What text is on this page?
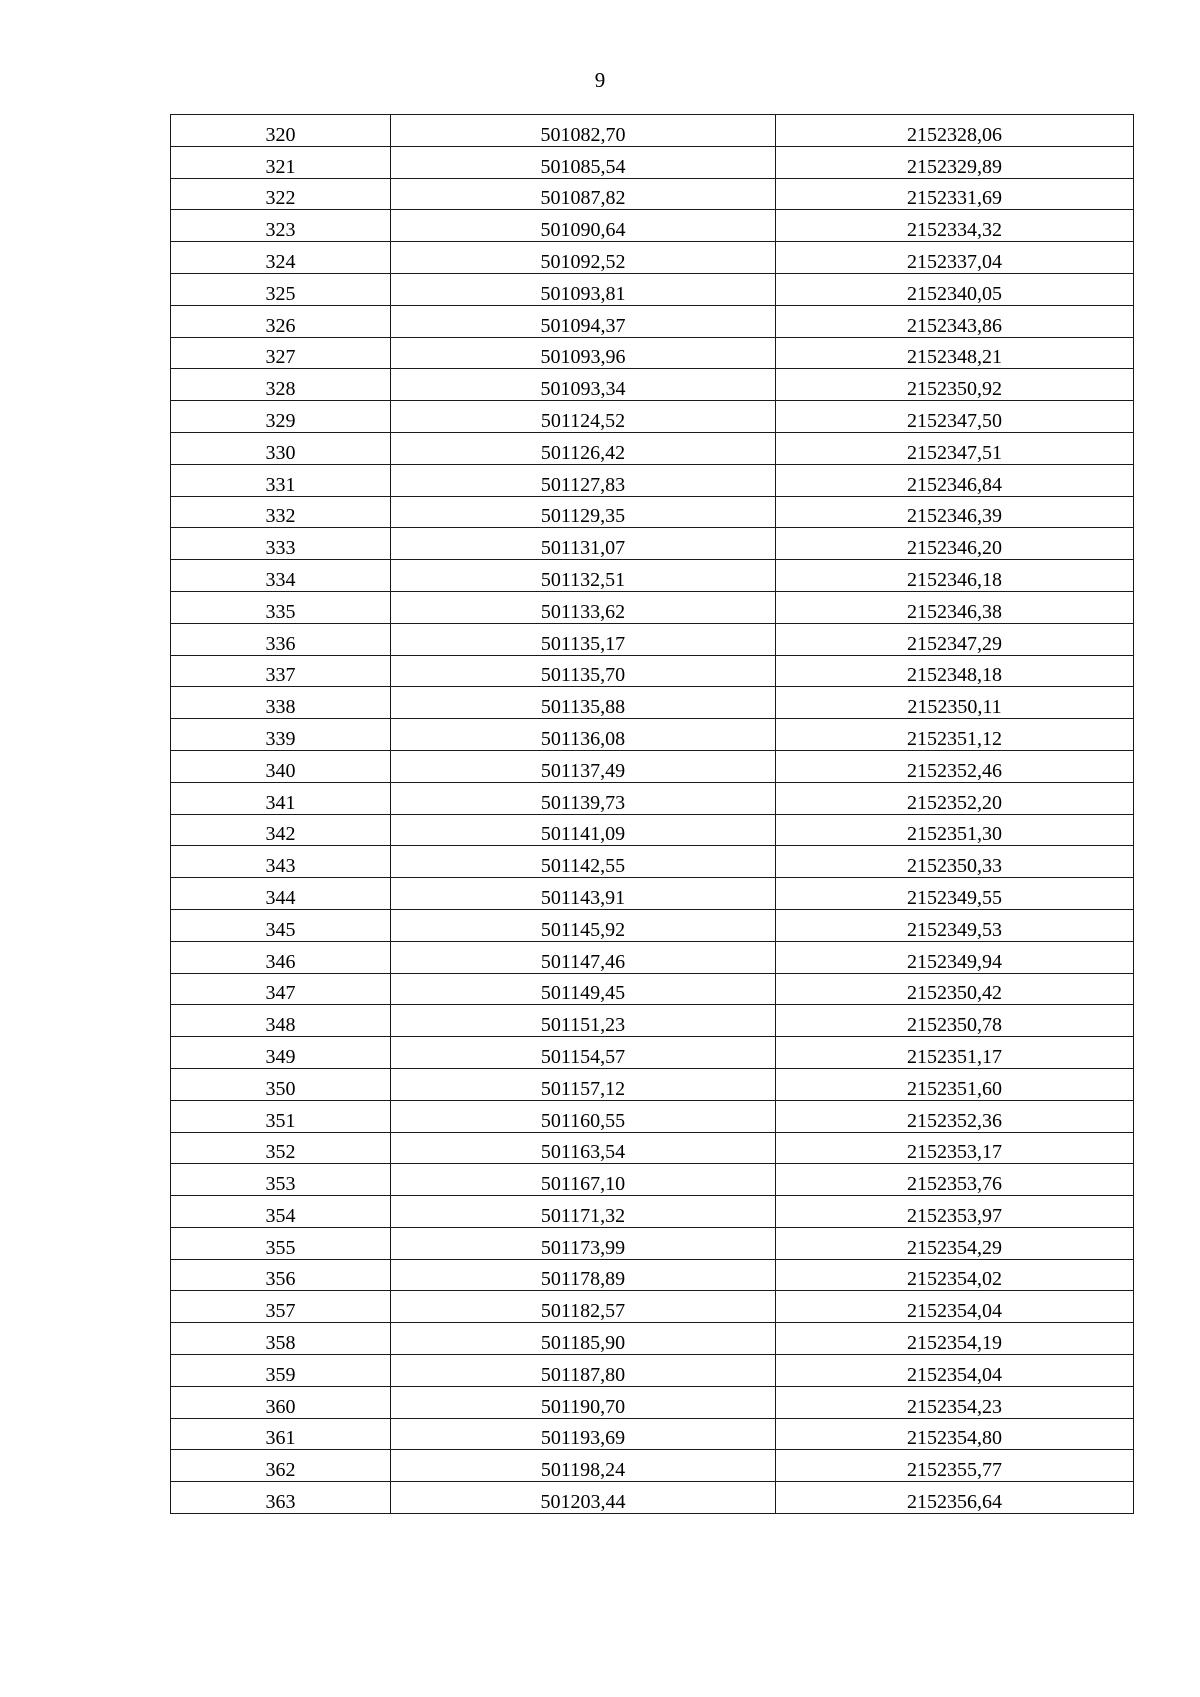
9
320	501082,70	2152328,06
321	501085,54	2152329,89
322	501087,82	2152331,69
323	501090,64	2152334,32
324	501092,52	2152337,04
325	501093,81	2152340,05
326	501094,37	2152343,86
327	501093,96	2152348,21
328	501093,34	2152350,92
329	501124,52	2152347,50
330	501126,42	2152347,51
331	501127,83	2152346,84
332	501129,35	2152346,39
333	501131,07	2152346,20
334	501132,51	2152346,18
335	501133,62	2152346,38
336	501135,17	2152347,29
337	501135,70	2152348,18
338	501135,88	2152350,11
339	501136,08	2152351,12
340	501137,49	2152352,46
341	501139,73	2152352,20
342	501141,09	2152351,30
343	501142,55	2152350,33
344	501143,91	2152349,55
345	501145,92	2152349,53
346	501147,46	2152349,94
347	501149,45	2152350,42
348	501151,23	2152350,78
349	501154,57	2152351,17
350	501157,12	2152351,60
351	501160,55	2152352,36
352	501163,54	2152353,17
353	501167,10	2152353,76
354	501171,32	2152353,97
355	501173,99	2152354,29
356	501178,89	2152354,02
357	501182,57	2152354,04
358	501185,90	2152354,19
359	501187,80	2152354,04
360	501190,70	2152354,23
361	501193,69	2152354,80
362	501198,24	2152355,77
363	501203,44	2152356,64
